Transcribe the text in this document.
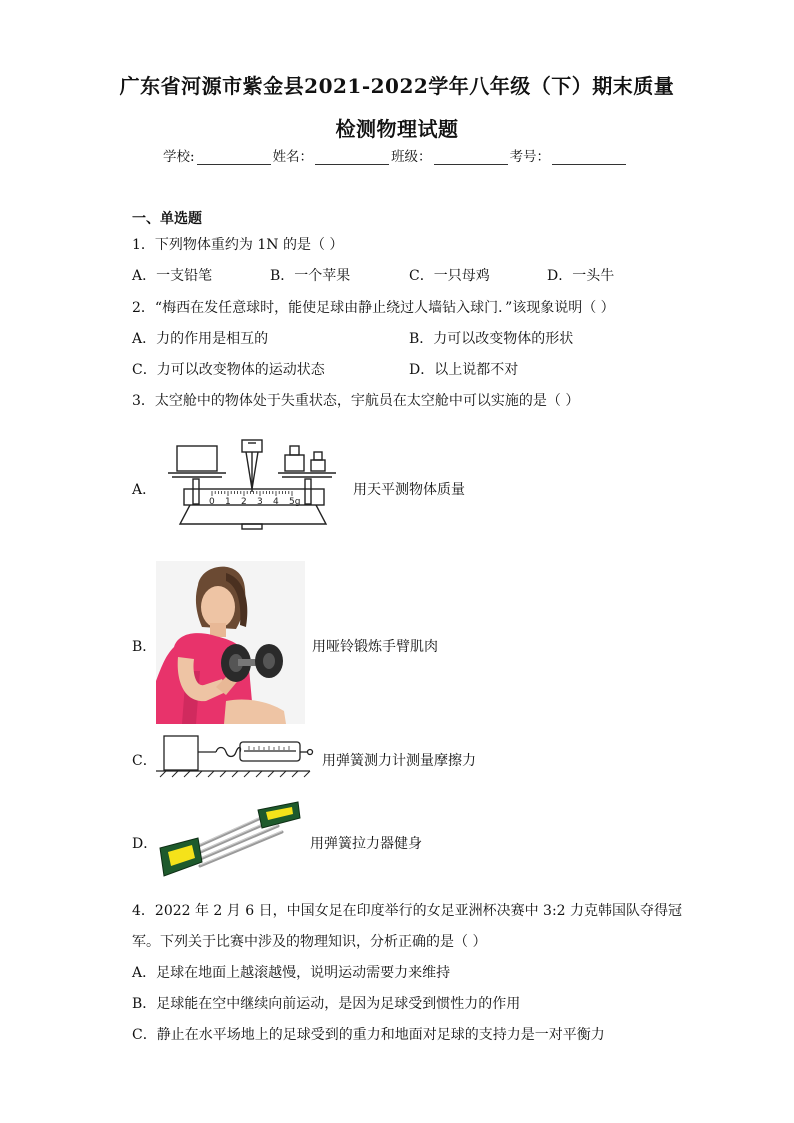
广东省河源市紫金县2021-2022学年八年级（下）期末质量
检测物理试题
学校:	姓名：	班级：	考号：
一、单选题
1．下列物体重约为 1N 的是（ ）
A．一支铅笔	B．一个苹果	C．一只母鸡	D．一头牛
2．“梅西在发任意球时，能使足球由静止绕过人墙钻入球门．”该现象说明（ ）
A．力的作用是相互的	B．力可以改变物体的形状
C．力可以改变物体的运动状态	D．以上说都不对
3．太空舱中的物体处于失重状态，宇航员在太空舱中可以实施的是（ ）
A．
0 1 2 3 4 5g
用天平测物体质量
B．	用哑铃锻炼手臂肌肉
C．	用弹簧测力计测量摩擦力
D．	用弹簧拉力器健身
4．2022 年 2 月 6 日，中国女足在印度举行的女足亚洲杯决赛中 3:2 力克韩国队夺得冠
军。下列关于比赛中涉及的物理知识，分析正确的是（ ）
A．足球在地面上越滚越慢，说明运动需要力来维持
B．足球能在空中继续向前运动，是因为足球受到惯性力的作用
C．静止在水平场地上的足球受到的重力和地面对足球的支持力是一对平衡力
